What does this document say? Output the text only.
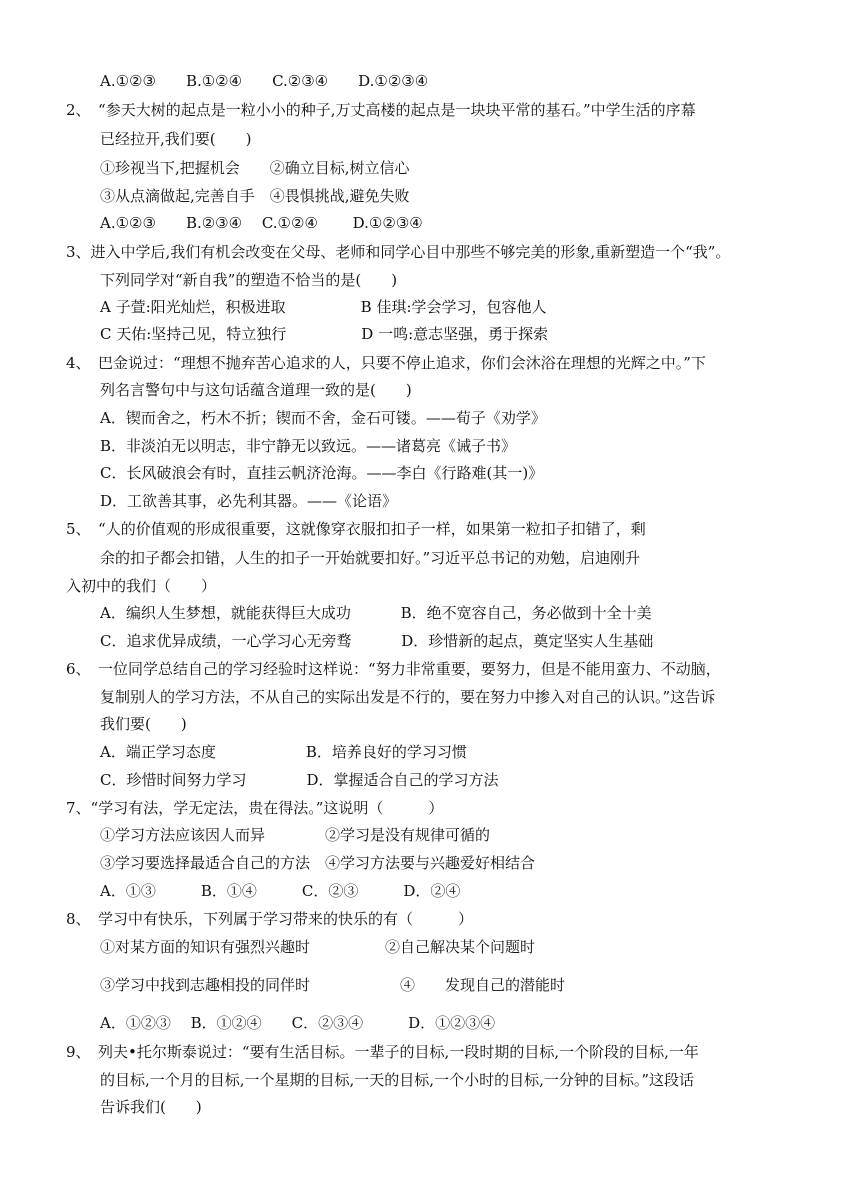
A.①②③　　B.①②④　　C.②③④　　D.①②③④
2、　“参天大树的起点是一粒小小的种子,万丈高楼的起点是一块块平常的基石。”中学生活的序幕
已经拉开,我们要(　　)
①珍视当下,把握机会　　②确立目标,树立信心
③从点滴做起,完善自手　④畏惧挑战,避免失败
A.①②③　　B.②③④　 C.①②④　　 D.①②③④
3、进入中学后,我们有机会改变在父母、老师和同学心目中那些不够完美的形象,重新塑造一个“我”。
下列同学对“新自我”的塑造不恰当的是(　　)
A 子萱:阳光灿烂，积极进取　　　　　B 佳琪:学会学习，包容他人
C 天佑:坚持己见，特立独行　　　　　D 一鸣:意志坚强，勇于探索
4、　巴金说过：“理想不抛弃苦心追求的人，只要不停止追求，你们会沐浴在理想的光辉之中。”下
列名言警句中与这句话蕴含道理一致的是(　　)
A．锲而舍之，朽木不折；锲而不舍，金石可镂。——荀子《劝学》
B．非淡泊无以明志，非宁静无以致远。——诸葛亮《诫子书》
C．长风破浪会有时，直挂云帆济沧海。——李白《行路难(其一)》
D．工欲善其事，必先利其器。——《论语》
5、　“人的价值观的形成很重要，这就像穿衣服扣扣子一样，如果第一粒扣子扣错了，剩
余的扣子都会扣错，人生的扣子一开始就要扣好。”习近平总书记的劝勉，启迪刚升
入初中的我们（　　）
A．编织人生梦想，就能获得巨大成功　　　 B．绝不宽容自己，务必做到十全十美
C．追求优异成绩，一心学习心无旁骛　　　 D．珍惜新的起点，奠定坚实人生基础
6、　一位同学总结自己的学习经验时这样说：“努力非常重要，要努力，但是不能用蛮力、不动脑，
复制别人的学习方法，不从自己的实际出发是不行的，要在努力中掺入对自己的认识。”这告诉
我们要(　　)
A．端正学习态度　　　　　　B．培养良好的学习习惯
C．珍惜时间努力学习　　　　D．掌握适合自己的学习方法
7、“学习有法，学无定法，贵在得法。”这说明（　　　）
①学习方法应该因人而异　　　　②学习是没有规律可循的
③学习要选择最适合自己的方法　④学习方法要与兴趣爱好相结合
A．①③　　　B．①④　　　C．②③　　　D．②④
8、　学习中有快乐，下列属于学习带来的快乐的有（　　　）
①对某方面的知识有强烈兴趣时　　　　　②自己解决某个问题时
③学习中找到志趣相投的同伴时　　　　　　④　　发现自己的潜能时
A．①②③　 B．①②④　　C．②③④　　　D．①②③④
9、　列夫•托尔斯泰说过：“要有生活目标。一辈子的目标,一段时期的目标,一个阶段的目标,一年
的目标,一个月的目标,一个星期的目标,一天的目标,一个小时的目标,一分钟的目标。”这段话
告诉我们(　　)
